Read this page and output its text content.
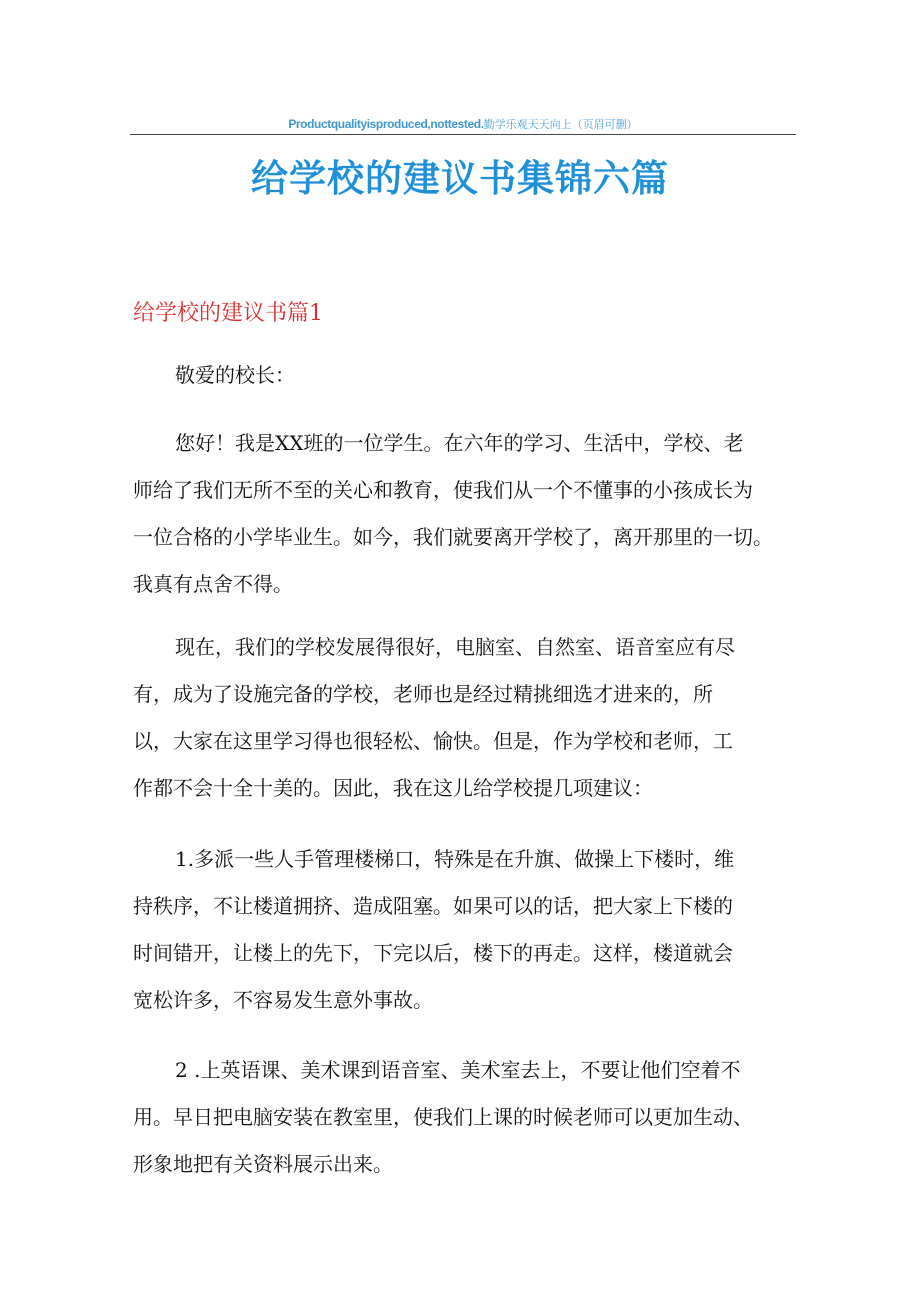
Productqualityisproduced,nottested.勤学乐观天天向上（页眉可删）
给学校的建议书集锦六篇
给学校的建议书篇1
敬爱的校长：
您好！我是XX班的一位学生。在六年的学习、生活中，学校、老
师给了我们无所不至的关心和教育，使我们从一个不懂事的小孩成长为
一位合格的小学毕业生。如今，我们就要离开学校了，离开那里的一切。
我真有点舍不得。
现在，我们的学校发展得很好，电脑室、自然室、语音室应有尽
有，成为了设施完备的学校，老师也是经过精挑细选才进来的，所
以，大家在这里学习得也很轻松、愉快。但是，作为学校和老师，工
作都不会十全十美的。因此，我在这儿给学校提几项建议：
1.多派一些人手管理楼梯口，特殊是在升旗、做操上下楼时，维
持秩序，不让楼道拥挤、造成阻塞。如果可以的话，把大家上下楼的
时间错开，让楼上的先下，下完以后，楼下的再走。这样，楼道就会
宽松许多，不容易发生意外事故。
2 .上英语课、美术课到语音室、美术室去上，不要让他们空着不
用。早日把电脑安装在教室里，使我们上课的时候老师可以更加生动、
形象地把有关资料展示出来。
